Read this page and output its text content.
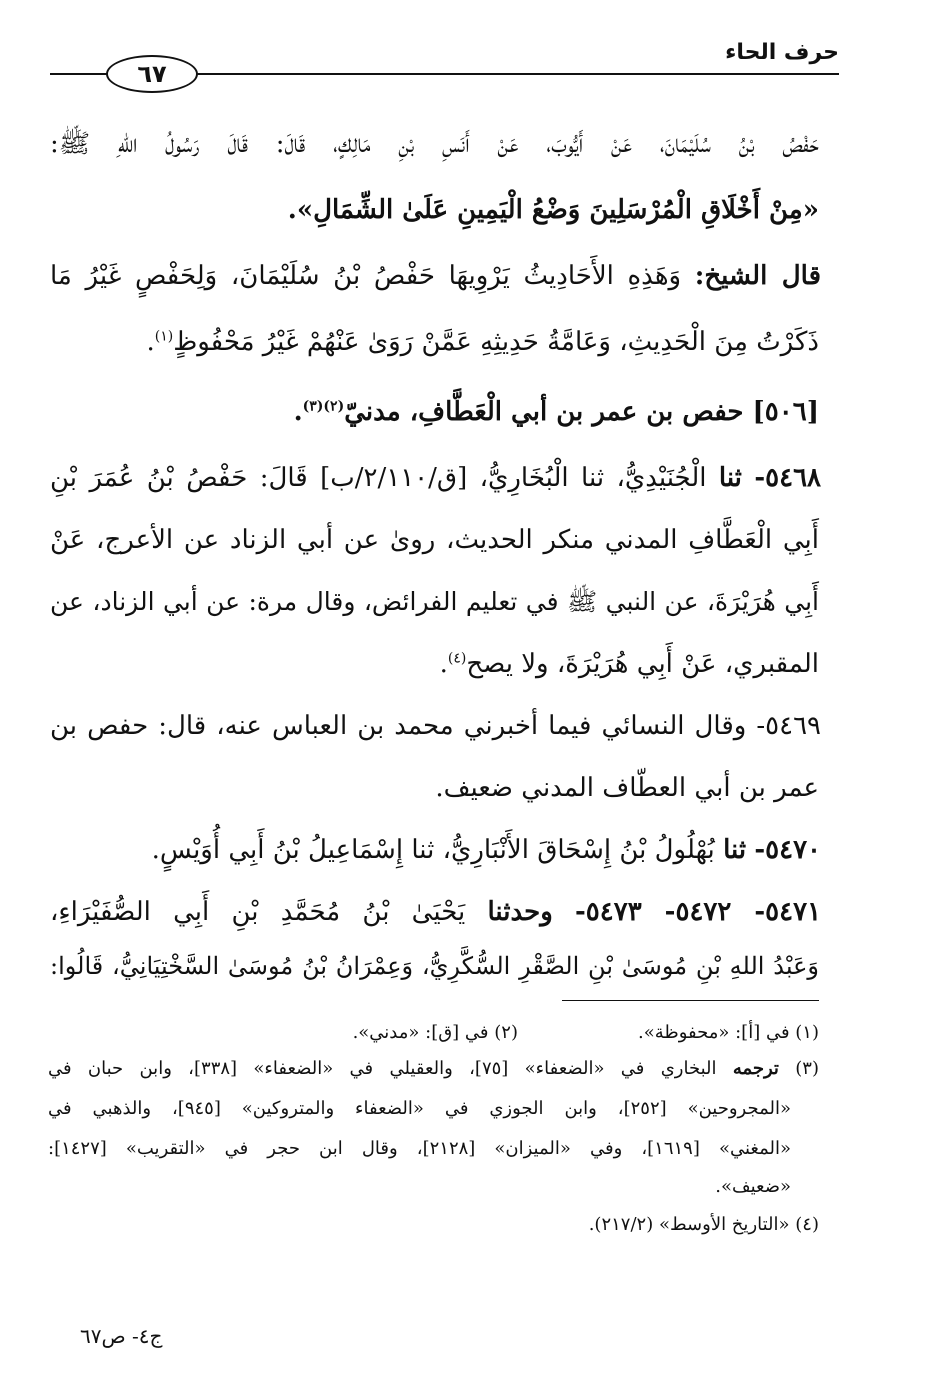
حرف الحاء
٦٧
حَفْصُ بْنُ سُلَيْمَانَ، عَنْ أَيُّوبَ، عَنْ أَنَسِ بْنِ مَالِكٍ، قَالَ: قَالَ رَسُولُ اللهِ ﷺ:
«مِنْ أَخْلَاقِ الْمُرْسَلِينَ وَضْعُ الْيَمِينِ عَلَىٰ الشِّمَالِ».
قال الشيخ: وَهَذِهِ الأَحَادِيثُ يَرْوِيهَا حَفْصُ بْنُ سُلَيْمَانَ، وَلِحَفْصٍ غَيْرُ مَا
ذَكَرْتُ مِنَ الْحَدِيثِ، وَعَامَّةُ حَدِيثِهِ عَمَّنْ رَوَىٰ عَنْهُمْ غَيْرُ مَحْفُوظٍ$^{(١)}$.
[٥٠٦] حفص بن عمر بن أبي الْعَطَّافِ، مدنيّ$^{(٢)(٣)}$.
٥٤٦٨- ثنا الْجُنَيْدِيُّ، ثنا الْبُخَارِيُّ، [ق/٢/١١٠/ب] قَالَ: حَفْصُ بْنُ عُمَرَ بْنِ
أَبِي الْعَطَّافِ المدني منكر الحديث، روىٰ عن أبي الزناد عن الأعرج، عَنْ
أَبِي هُرَيْرَةَ، عن النبي ﷺ في تعليم الفرائض، وقال مرة: عن أبي الزناد، عن
المقبري، عَنْ أَبِي هُرَيْرَةَ، ولا يصح$^{(٤)}$.
٥٤٦٩- وقال النسائي فيما أخبرني محمد بن العباس عنه، قال: حفص بن
عمر بن أبي العطّاف المدني ضعيف.
٥٤٧٠- ثنا بُهْلُولُ بْنُ إِسْحَاقَ الأَنْبَارِيُّ، ثنا إِسْمَاعِيلُ بْنُ أَبِي أُوَيْسٍ.
٥٤٧١- ٥٤٧٢- ٥٤٧٣- وحدثنا يَحْيَىٰ بْنُ مُحَمَّدِ بْنِ أَبِي الصُّفَيْرَاءِ،
وَعَبْدُ اللهِ بْنِ مُوسَىٰ بْنِ الصَّقْرِ السُّكَّرِيُّ، وَعِمْرَانُ بْنُ مُوسَىٰ السَّخْتِيَانِيُّ، قَالُوا:
(١) في [أ]: «محفوظة».
(٢) في [ق]: «مدني».
(٣) ترجمه البخاري في «الضعفاء» [٧٥]، والعقيلي في «الضعفاء» [٣٣٨]، وابن حبان في
«المجروحين» [٢٥٢]، وابن الجوزي في «الضعفاء والمتروكين» [٩٤٥]، والذهبي في
«المغني» [١٦١٩]، وفي «الميزان» [٢١٢٨]، وقال ابن حجر في «التقريب» [١٤٢٧]:
«ضعيف».
(٤) «التاريخ الأوسط» (٢١٧/٢).
ج٤- ص٦٧
